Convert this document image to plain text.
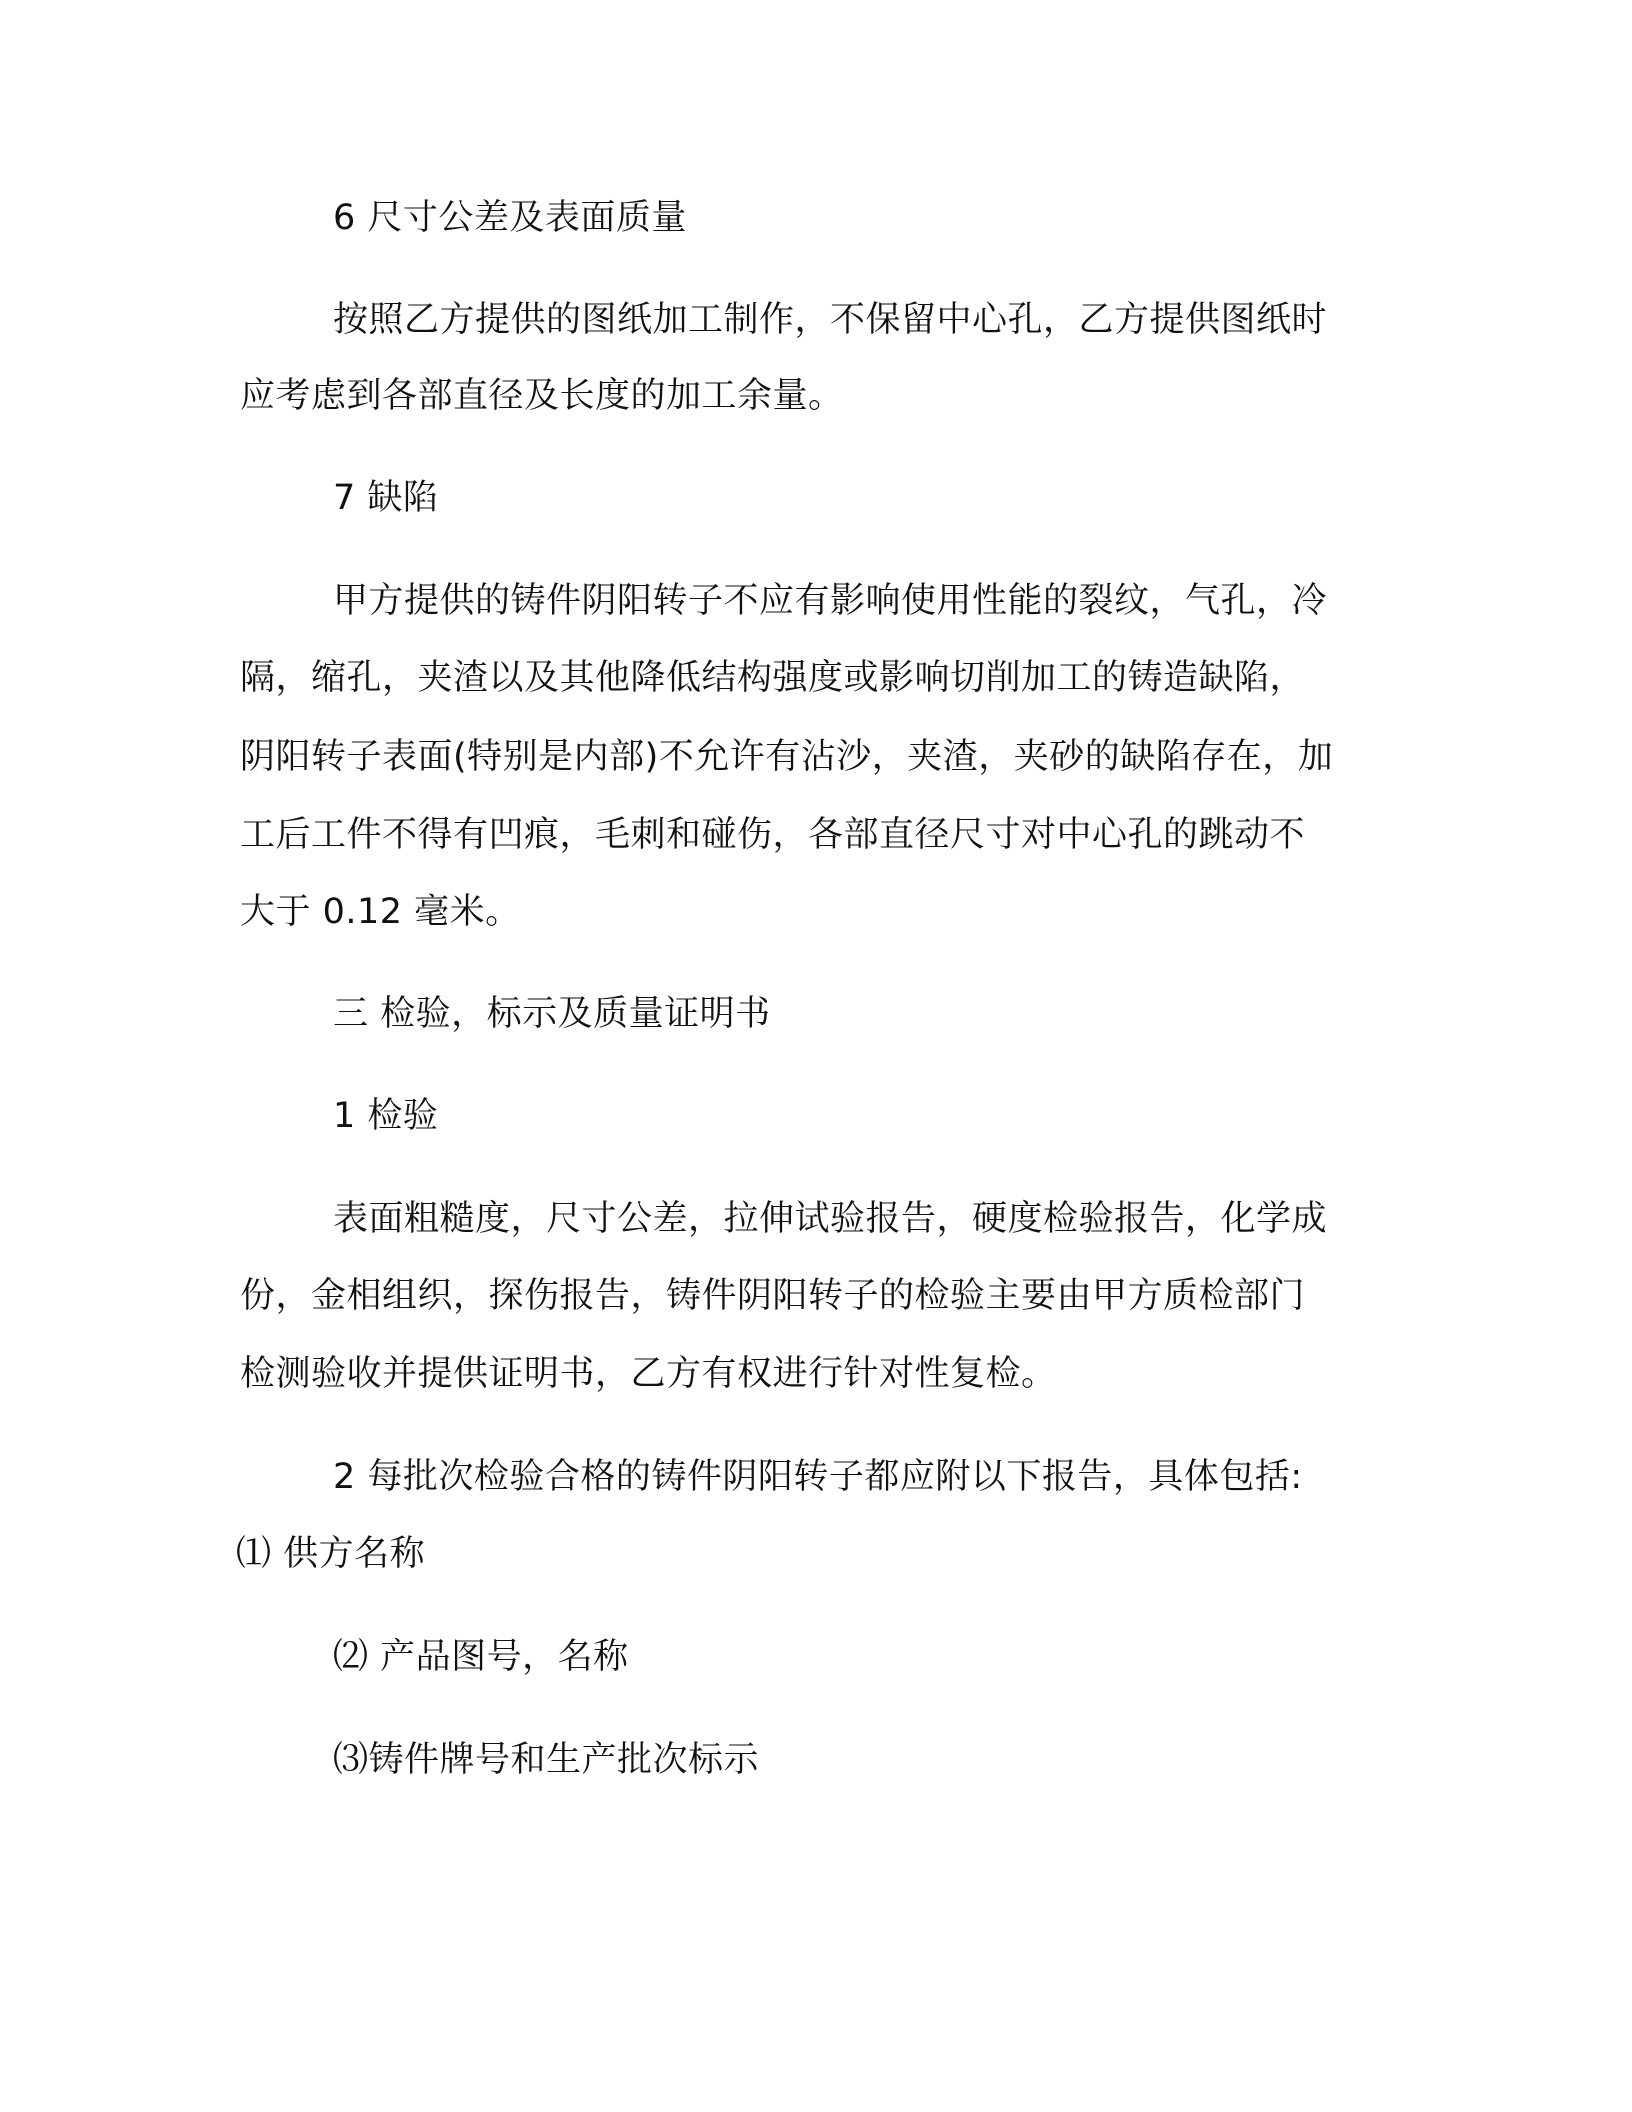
6 尺寸公差及表面质量
按照乙方提供的图纸加工制作，不保留中心孔，乙方提供图纸时
应考虑到各部直径及长度的加工余量。
7 缺陷
甲方提供的铸件阴阳转子不应有影响使用性能的裂纹，气孔，冷
隔，缩孔，夹渣以及其他降低结构强度或影响切削加工的铸造缺陷，
阴阳转子表面(特别是内部)不允许有沾沙，夹渣，夹砂的缺陷存在，加
工后工件不得有凹痕，毛刺和碰伤，各部直径尺寸对中心孔的跳动不
大于 0.12 毫米。
三 检验，标示及质量证明书
1 检验
表面粗糙度，尺寸公差，拉伸试验报告，硬度检验报告，化学成
份，金相组织，探伤报告，铸件阴阳转子的检验主要由甲方质检部门
检测验收并提供证明书，乙方有权进行针对性复检。
2 每批次检验合格的铸件阴阳转子都应附以下报告，具体包括:
⑴ 供方名称
⑵ 产品图号，名称
⑶铸件牌号和生产批次标示
